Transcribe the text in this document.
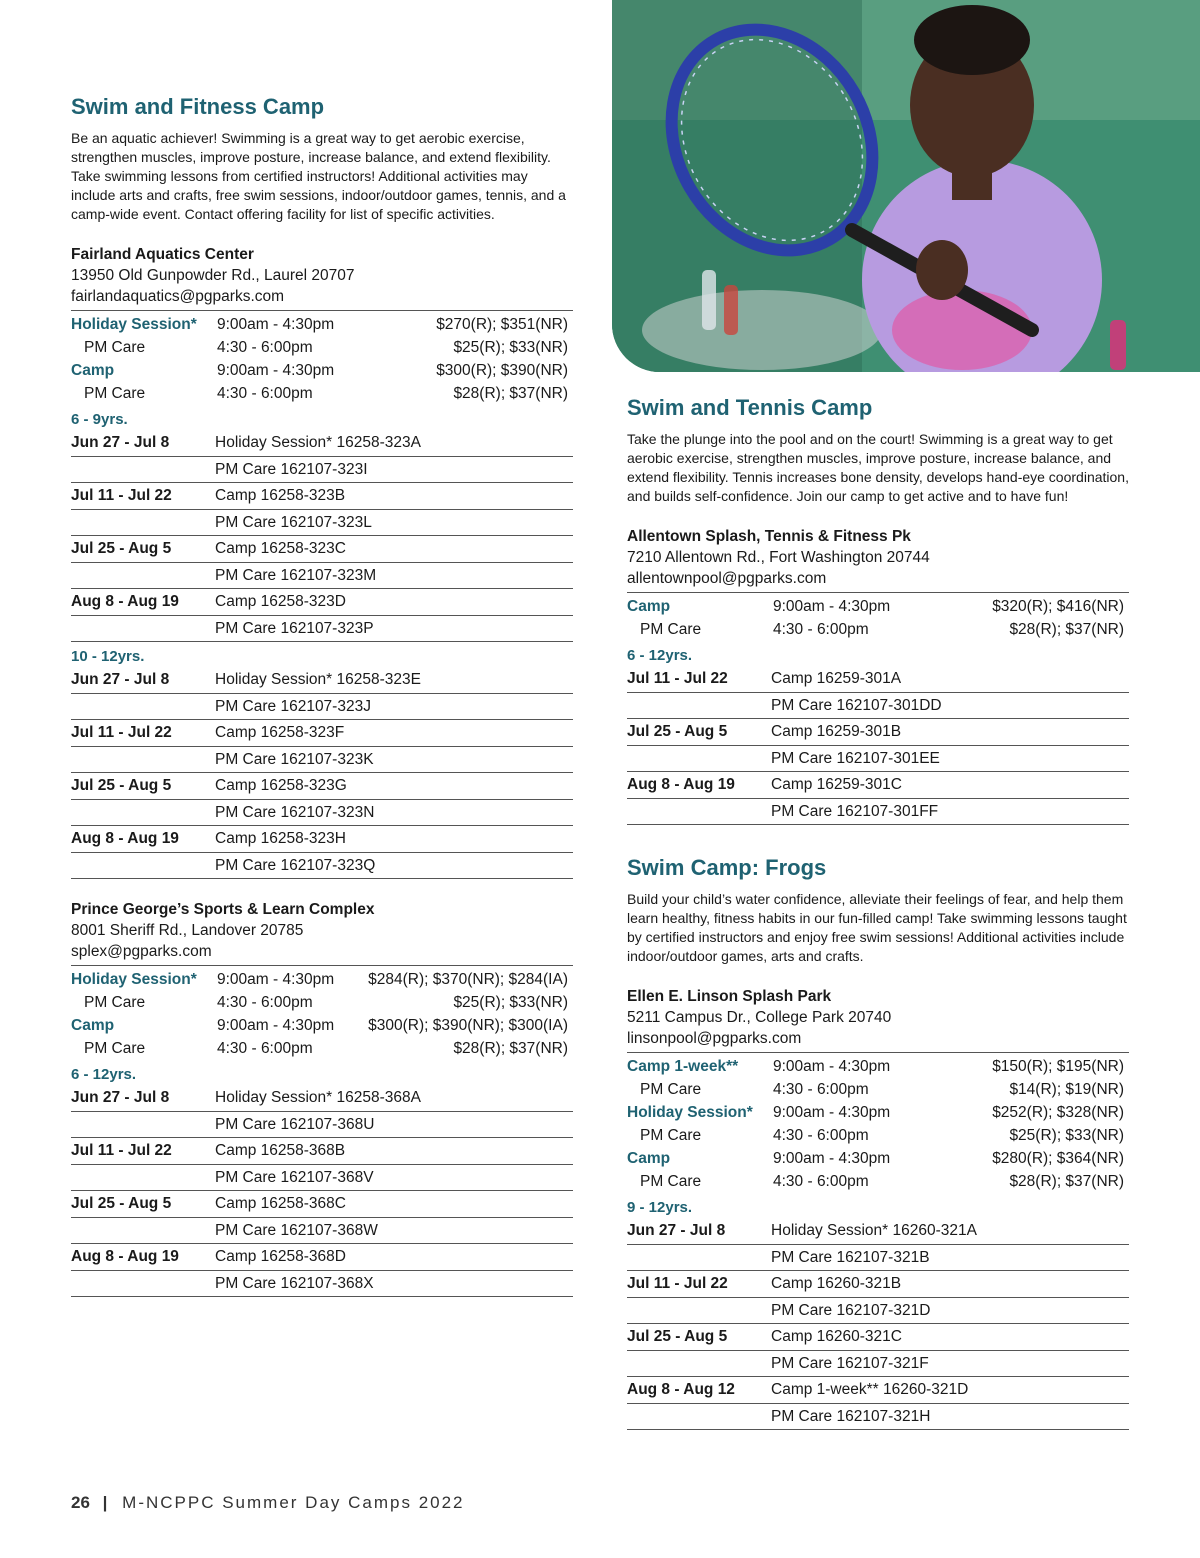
Swim and Fitness Camp

Be an aquatic achiever! Swimming is a great way to get aerobic exercise, strengthen muscles, improve posture, increase balance, and extend flexibility. Take swimming lessons from certified instructors! Additional activities may include arts and crafts, free swim sessions, indoor/outdoor games, tennis, and a camp-wide event. Contact offering facility for list of specific activities.

Fairland Aquatics Center
13950 Old Gunpowder Rd., Laurel 20707
fairlandaquatics@pgparks.com
Holiday Session*	9:00am - 4:30pm	$270(R); $351(NR)
PM Care	4:30 - 6:00pm	$25(R); $33(NR)
Camp	9:00am - 4:30pm	$300(R); $390(NR)
PM Care	4:30 - 6:00pm	$28(R); $37(NR)
6 - 9yrs.
Jun 27 - Jul 8	Holiday Session* 16258-323A
PM Care 162107-323I
Jul 11 - Jul 22	Camp 16258-323B
PM Care 162107-323L
Jul 25 - Aug 5	Camp 16258-323C
PM Care 162107-323M
Aug 8 - Aug 19	Camp 16258-323D
PM Care 162107-323P
10 - 12yrs.
Jun 27 - Jul 8	Holiday Session* 16258-323E
PM Care 162107-323J
Jul 11 - Jul 22	Camp 16258-323F
PM Care 162107-323K
Jul 25 - Aug 5	Camp 16258-323G
PM Care 162107-323N
Aug 8 - Aug 19	Camp 16258-323H
PM Care 162107-323Q
Prince George’s Sports & Learn Complex
8001 Sheriff Rd., Landover 20785
splex@pgparks.com
Holiday Session*	9:00am - 4:30pm	$284(R); $370(NR); $284(IA)
PM Care	4:30 - 6:00pm	$25(R); $33(NR)
Camp	9:00am - 4:30pm	$300(R); $390(NR); $300(IA)
PM Care	4:30 - 6:00pm	$28(R); $37(NR)
6 - 12yrs.
Jun 27 - Jul 8	Holiday Session* 16258-368A
PM Care 162107-368U
Jul 11 - Jul 22	Camp 16258-368B
PM Care 162107-368V
Jul 25 - Aug 5	Camp 16258-368C
PM Care 162107-368W
Aug 8 - Aug 19	Camp 16258-368D
PM Care 162107-368X
Swim and Tennis Camp

Take the plunge into the pool and on the court! Swimming is a great way to get aerobic exercise, strengthen muscles, improve posture, increase balance, and extend flexibility. Tennis increases bone density, develops hand-eye coordination, and builds self-confidence. Join our camp to get active and to have fun!

Allentown Splash, Tennis & Fitness Pk
7210 Allentown Rd., Fort Washington 20744
allentownpool@pgparks.com
Camp	9:00am - 4:30pm	$320(R); $416(NR)
PM Care	4:30 - 6:00pm	$28(R); $37(NR)
6 - 12yrs.
Jul 11 - Jul 22	Camp 16259-301A
PM Care 162107-301DD
Jul 25 - Aug 5	Camp 16259-301B
PM Care 162107-301EE
Aug 8 - Aug 19	Camp 16259-301C
PM Care 162107-301FF
Swim Camp: Frogs

Build your child’s water confidence, alleviate their feelings of fear, and help them learn healthy, fitness habits in our fun-filled camp! Take swimming lessons taught by certified instructors and enjoy free swim sessions! Additional activities include indoor/outdoor games, arts and crafts.

Ellen E. Linson Splash Park
5211 Campus Dr., College Park 20740
linsonpool@pgparks.com
Camp 1-week**	9:00am - 4:30pm	$150(R); $195(NR)
PM Care	4:30 - 6:00pm	$14(R); $19(NR)
Holiday Session*	9:00am - 4:30pm	$252(R); $328(NR)
PM Care	4:30 - 6:00pm	$25(R); $33(NR)
Camp	9:00am - 4:30pm	$280(R); $364(NR)
PM Care	4:30 - 6:00pm	$28(R); $37(NR)
9 - 12yrs.
Jun 27 - Jul 8	Holiday Session* 16260-321A
PM Care 162107-321B
Jul 11 - Jul 22	Camp 16260-321B
PM Care 162107-321D
Jul 25 - Aug 5	Camp 16260-321C
PM Care 162107-321F
Aug 8 - Aug 12	Camp 1-week** 16260-321D
PM Care 162107-321H
26 | M-NCPPC Summer Day Camps 2022
